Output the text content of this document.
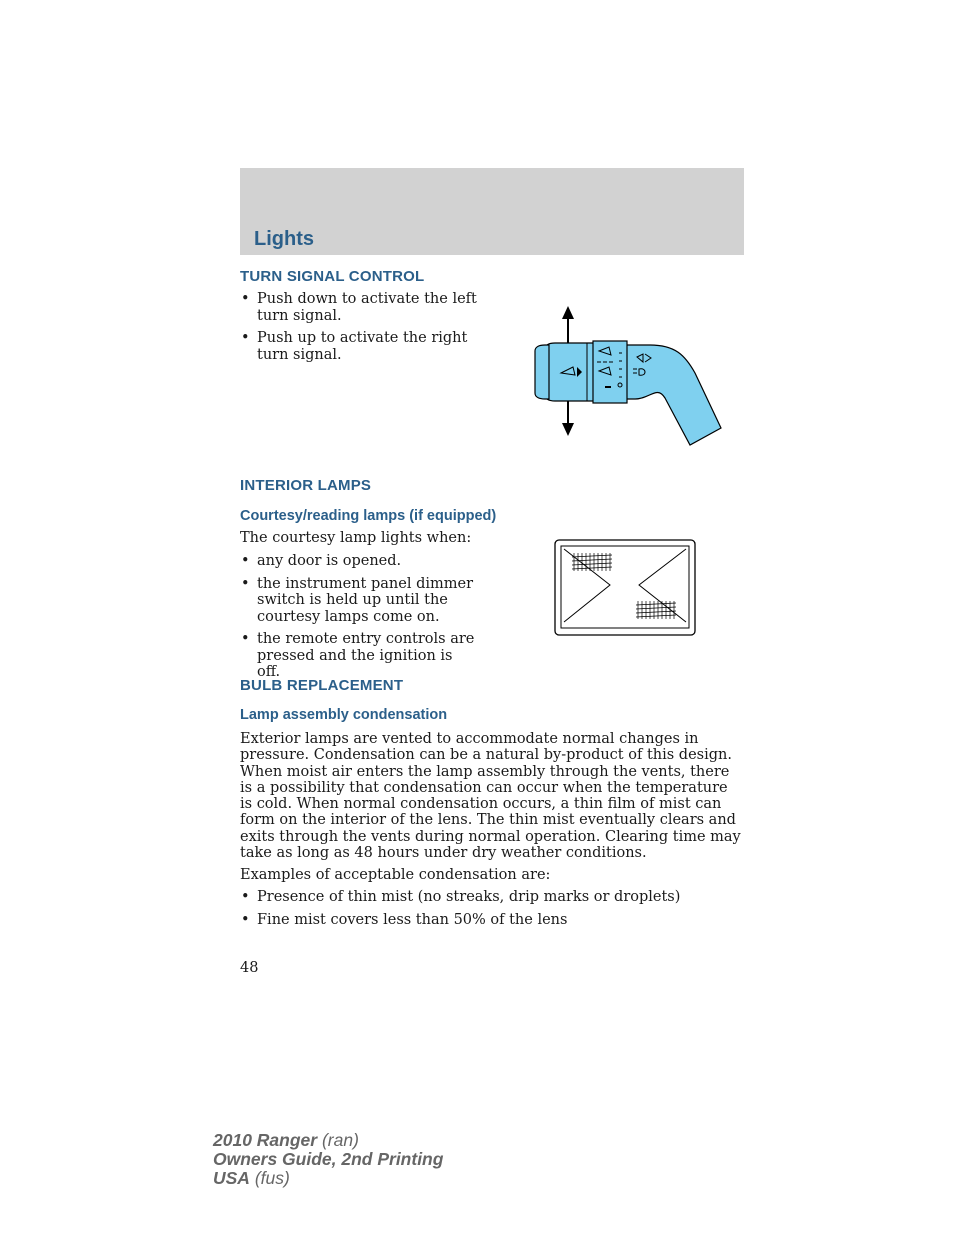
Lights
TURN SIGNAL CONTROL
• Push down to activate the left turn signal.
• Push up to activate the right turn signal.
INTERIOR LAMPS
Courtesy/reading lamps (if equipped)
The courtesy lamp lights when:
• any door is opened.
• the instrument panel dimmer switch is held up until the courtesy lamps come on.
• the remote entry controls are pressed and the ignition is off.
BULB REPLACEMENT
Lamp assembly condensation
Exterior lamps are vented to accommodate normal changes in pressure. Condensation can be a natural by-product of this design. When moist air enters the lamp assembly through the vents, there is a possibility that condensation can occur when the temperature is cold. When normal condensation occurs, a thin film of mist can form on the interior of the lens. The thin mist eventually clears and exits through the vents during normal operation. Clearing time may take as long as 48 hours under dry weather conditions.
Examples of acceptable condensation are:
• Presence of thin mist (no streaks, drip marks or droplets)
• Fine mist covers less than 50% of the lens
48
2010 Ranger (ran)
Owners Guide, 2nd Printing
USA (fus)
